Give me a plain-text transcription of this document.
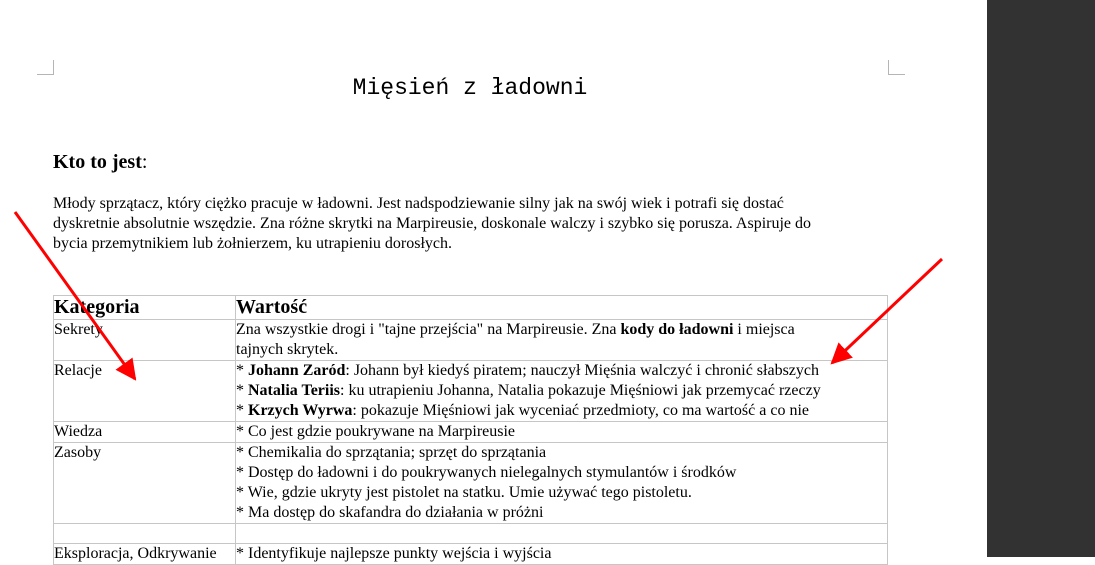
Mięsień z ładowni
Kto to jest:
Młody sprzątacz, który ciężko pracuje w ładowni. Jest nadspodziewanie silny jak na swój wiek i potrafi się dostać
dyskretnie absolutnie wszędzie. Zna różne skrytki na Marpireusie, doskonale walczy i szybko się porusza. Aspiruje do
bycia przemytnikiem lub żołnierzem, ku utrapieniu dorosłych.
Kategoria	Wartość
Sekrety	Zna wszystkie drogi i "tajne przejścia" na Marpireusie. Zna kody do ładowni i miejsca
tajnych skrytek.

Relacje	* Johann Zaród: Johann był kiedyś piratem; nauczył Mięśnia walczyć i chronić słabszych
* Natalia Teriis: ku utrapieniu Johanna, Natalia pokazuje Mięśniowi jak przemycać rzeczy
* Krzych Wyrwa: pokazuje Mięśniowi jak wyceniać przedmioty, co ma wartość a co nie

Wiedza	* Co jest gdzie poukrywane na Marpireusie
Zasoby	* Chemikalia do sprzątania; sprzęt do sprzątania
* Dostęp do ładowni i do poukrywanych nielegalnych stymulantów i środków
* Wie, gdzie ukryty jest pistolet na statku. Umie używać tego pistoletu.
* Ma dostęp do skafandra do działania w próżni

Eksploracja, Odkrywanie	* Identyfikuje najlepsze punkty wejścia i wyjścia
